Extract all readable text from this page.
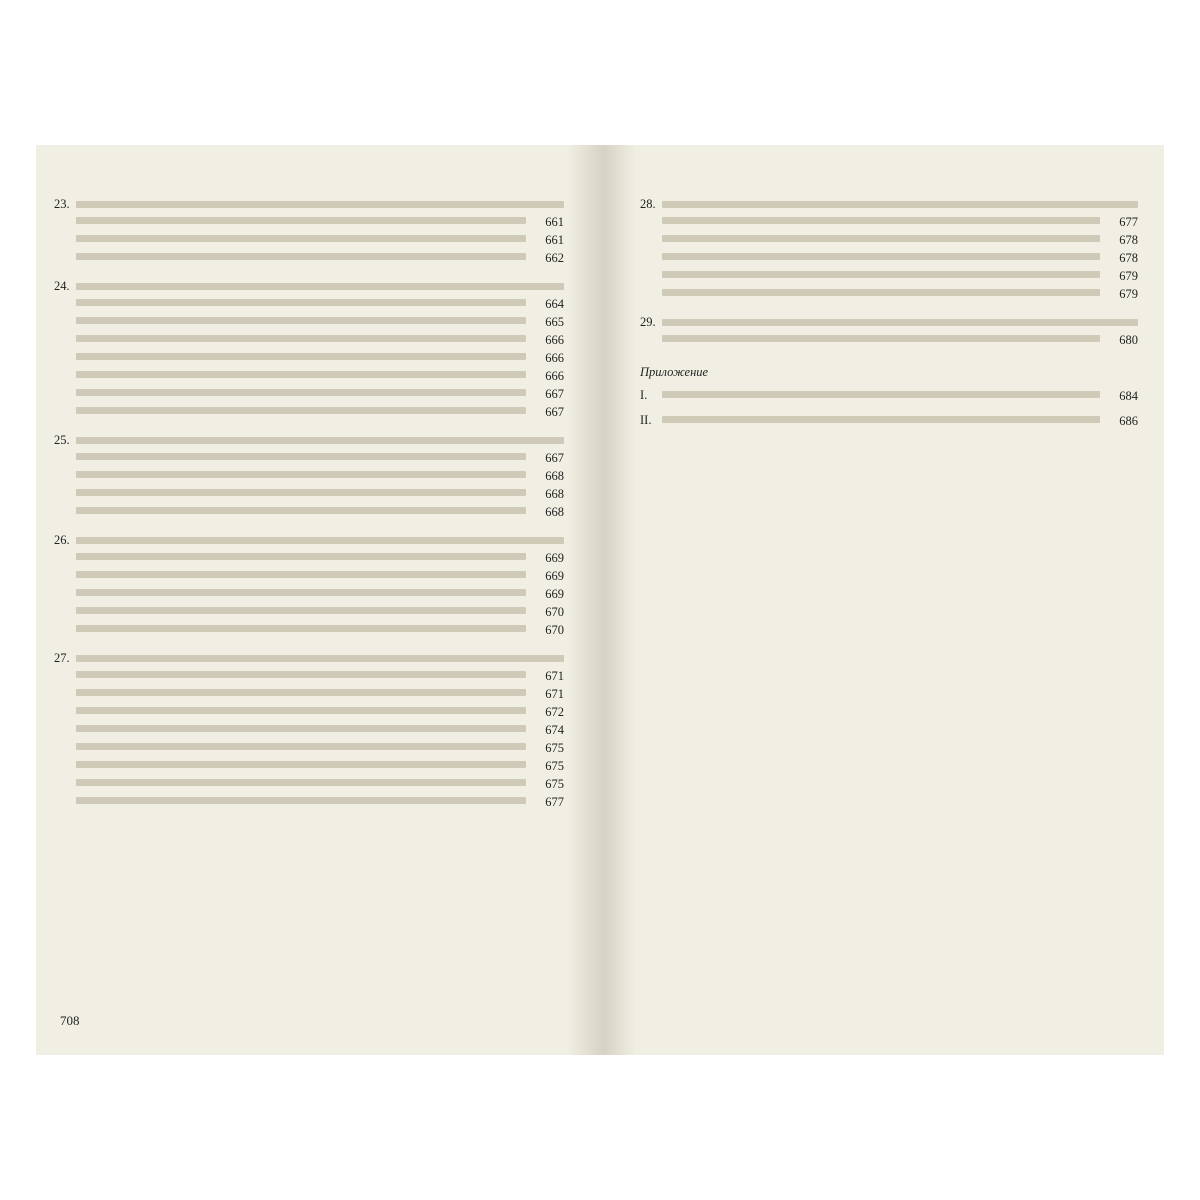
23.
661
661
662
24.
664
665
666
666
666
667
667
25.
667
668
668
668
26.
669
669
669
670
670
27.
671
671
672
674
675
675
675
677
28.
677
678
678
679
679
29.
680
Приложение
I.	684
II.	686
708
